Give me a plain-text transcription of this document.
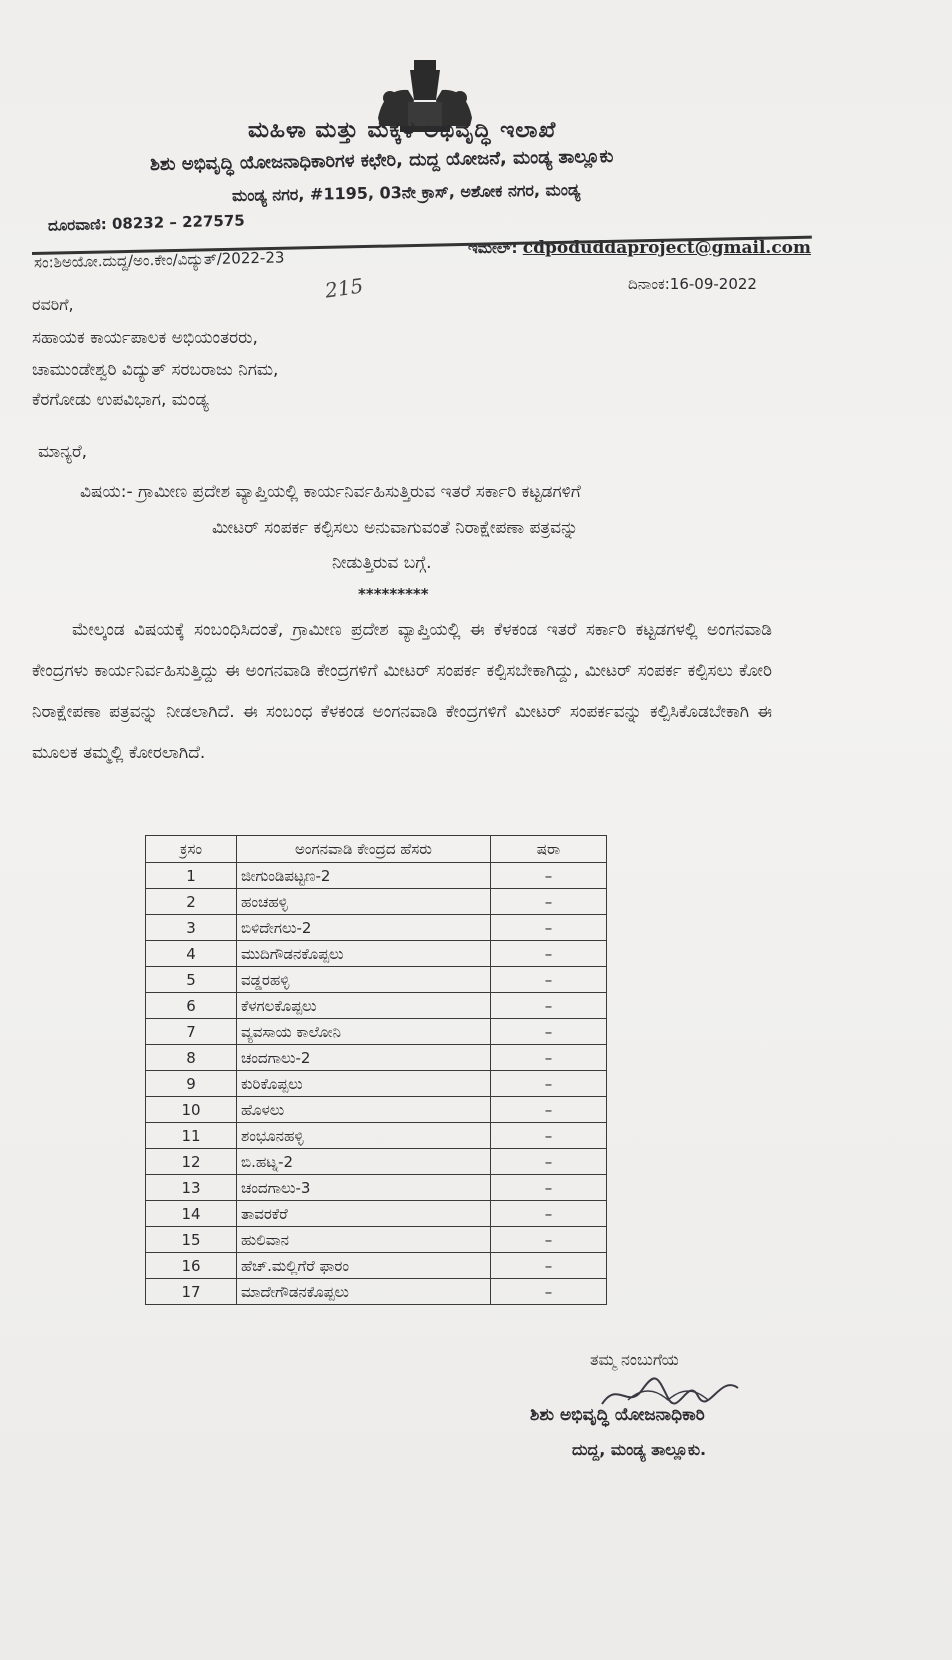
ಮಹಿಳಾ ಮತ್ತು ಮಕ್ಕಳ ಅಭಿವೃದ್ಧಿ ಇಲಾಖೆ
ಶಿಶು ಅಭಿವೃದ್ಧಿ ಯೋಜನಾಧಿಕಾರಿಗಳ ಕಛೇರಿ, ದುದ್ದ ಯೋಜನೆ, ಮಂಡ್ಯ ತಾಲ್ಲೂಕು
ಮಂಡ್ಯ ನಗರ, #1195, 03ನೇ ಕ್ರಾಸ್, ಅಶೋಕ ನಗರ, ಮಂಡ್ಯ
ದೂರವಾಣಿ: 08232 – 227575
ಇಮೇಲ್: cdpoduddaproject@gmail.com
ಸಂ:ಶಿಅಯೋ.ದುದ್ದ/ಅಂ.ಕೇಂ/ವಿದ್ಯುತ್/2022-23
215	ದಿನಾಂಕ:16-09-2022
ರವರಿಗೆ,
ಸಹಾಯಕ ಕಾರ್ಯಪಾಲಕ ಅಭಿಯಂತರರು,
ಚಾಮುಂಡೇಶ್ವರಿ ವಿದ್ಯುತ್ ಸರಬರಾಜು ನಿಗಮ,
ಕೆರಗೋಡು ಉಪವಿಭಾಗ, ಮಂಡ್ಯ
ಮಾನ್ಯರೆ,
ವಿಷಯ:- ಗ್ರಾಮೀಣ ಪ್ರದೇಶ ವ್ಯಾಪ್ತಿಯಲ್ಲಿ ಕಾರ್ಯನಿರ್ವಹಿಸುತ್ತಿರುವ ಇತರೆ ಸರ್ಕಾರಿ ಕಟ್ಟಡಗಳಿಗೆ
ಮೀಟರ್ ಸಂಪರ್ಕ ಕಲ್ಪಿಸಲು ಅನುವಾಗುವಂತೆ ನಿರಾಕ್ಷೇಪಣಾ ಪತ್ರವನ್ನು
ನೀಡುತ್ತಿರುವ ಬಗ್ಗೆ.
*********
ಮೇಲ್ಕಂಡ ವಿಷಯಕ್ಕೆ ಸಂಬಂಧಿಸಿದಂತೆ, ಗ್ರಾಮೀಣ ಪ್ರದೇಶ ವ್ಯಾಪ್ತಿಯಲ್ಲಿ ಈ ಕೆಳಕಂಡ ಇತರೆ ಸರ್ಕಾರಿ ಕಟ್ಟಡಗಳಲ್ಲಿ ಅಂಗನವಾಡಿ ಕೇಂದ್ರಗಳು ಕಾರ್ಯನಿರ್ವಹಿಸುತ್ತಿದ್ದು ಈ ಅಂಗನವಾಡಿ ಕೇಂದ್ರಗಳಿಗೆ ಮೀಟರ್ ಸಂಪರ್ಕ ಕಲ್ಪಿಸಬೇಕಾಗಿದ್ದು, ಮೀಟರ್ ಸಂಪರ್ಕ ಕಲ್ಪಿಸಲು ಕೋರಿ ನಿರಾಕ್ಷೇಪಣಾ ಪತ್ರವನ್ನು ನೀಡಲಾಗಿದೆ. ಈ ಸಂಬಂಧ ಕೆಳಕಂಡ ಅಂಗನವಾಡಿ ಕೇಂದ್ರಗಳಿಗೆ ಮೀಟರ್ ಸಂಪರ್ಕವನ್ನು ಕಲ್ಪಿಸಿಕೊಡಬೇಕಾಗಿ ಈ ಮೂಲಕ ತಮ್ಮಲ್ಲಿ ಕೋರಲಾಗಿದೆ.
ಕ್ರಸಂ	ಅಂಗನವಾಡಿ ಕೇಂದ್ರದ ಹೆಸರು	ಷರಾ
1	ಜೀಗುಂಡಿಪಟ್ಟಣ-2	–
2	ಹಂಚಹಳ್ಳಿ	–
3	ಬಿಳಿದೇಗಲು-2	–
4	ಮುದಿಗೌಡನಕೊಪ್ಪಲು	–
5	ವಡ್ಡರಹಳ್ಳಿ	–
6	ಕೆಳಗಲಕೊಪ್ಪಲು	–
7	ವ್ಯವಸಾಯ ಕಾಲೋನಿ	–
8	ಚಂದಗಾಲು-2	–
9	ಕುರಿಕೊಪ್ಪಲು	–
10	ಹೊಳಲು	–
11	ಶಂಭೂನಹಳ್ಳಿ	–
12	ಬಿ.ಹಟ್ನ-2	–
13	ಚಂದಗಾಲು-3	–
14	ತಾವರಕೆರೆ	–
15	ಹುಲಿವಾನ	–
16	ಹೆಚ್.ಮಲ್ಲಿಗೆರೆ ಫಾರಂ	–
17	ಮಾದೇಗೌಡನಕೊಪ್ಪಲು	–
ತಮ್ಮ ನಂಬುಗೆಯ
ಶಿಶು ಅಭಿವೃದ್ಧಿ ಯೋಜನಾಧಿಕಾರಿ
ದುದ್ದ, ಮಂಡ್ಯ ತಾಲ್ಲೂಕು.
